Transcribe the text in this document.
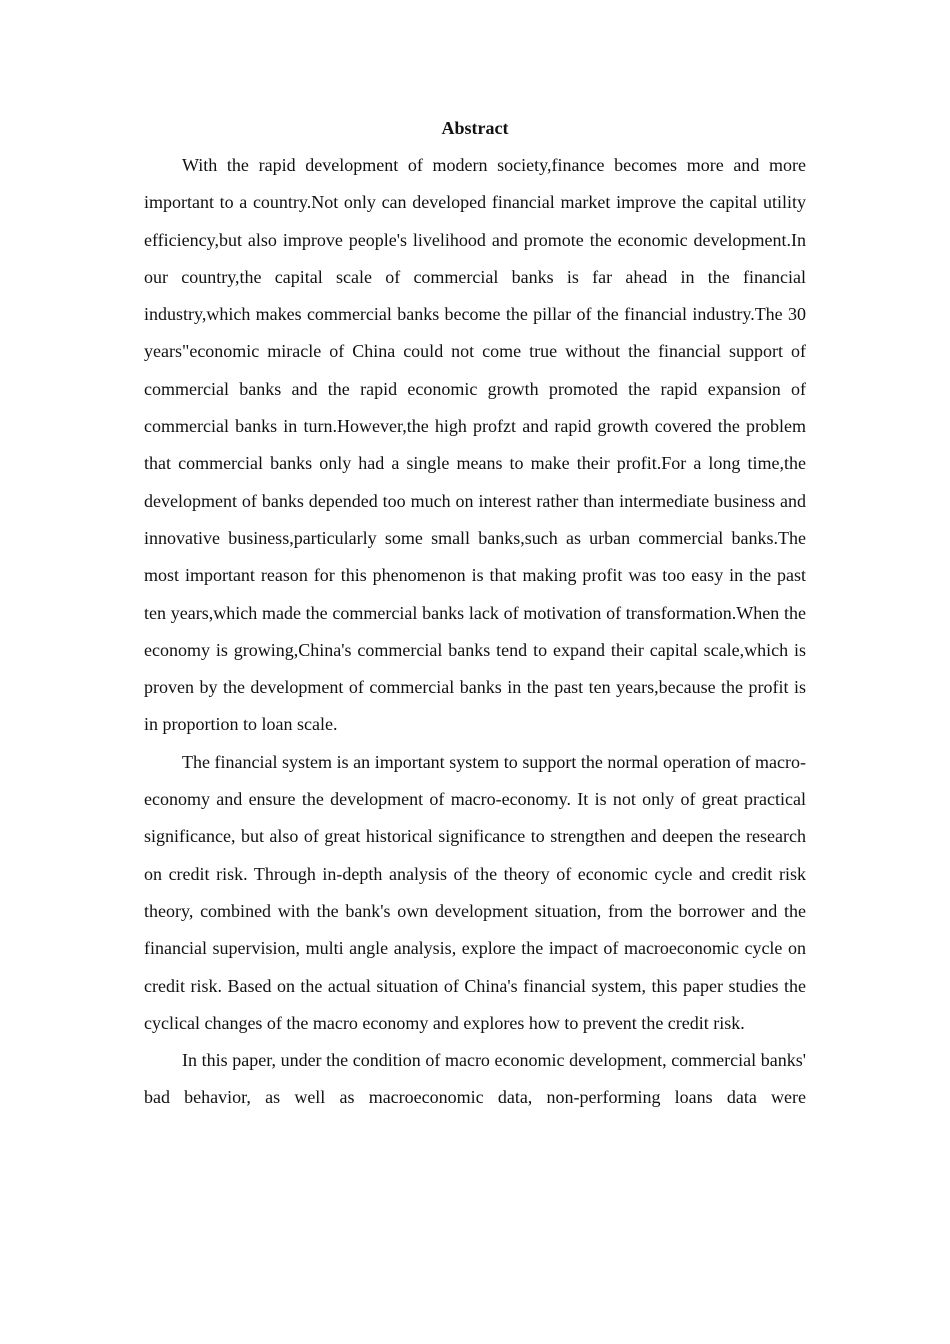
Abstract

With the rapid development of modern society,finance becomes more and more important to a country.Not only can developed financial market improve the capital utility efficiency,but also improve people's livelihood and promote the economic development.In our country,the capital scale of commercial banks is far ahead in the financial industry,which makes commercial banks become the pillar of the financial industry.The 30 years"economic miracle of China could not come true without the financial support of commercial banks and the rapid economic growth promoted the rapid expansion of commercial banks in turn.However,the high profzt and rapid growth covered the problem that commercial banks only had a single means to make their profit.For a long time,the development of banks depended too much on interest rather than intermediate business and innovative business,particularly some small banks,such as urban commercial banks.The most important reason for this phenomenon is that making profit was too easy in the past ten years,which made the commercial banks lack of motivation of transformation.When the economy is growing,China's commercial banks tend to expand their capital scale,which is proven by the development of commercial banks in the past ten years,because the profit is in proportion to loan scale.

The financial system is an important system to support the normal operation of macro-economy and ensure the development of macro-economy. It is not only of great practical significance, but also of great historical significance to strengthen and deepen the research on credit risk. Through in-depth analysis of the theory of economic cycle and credit risk theory, combined with the bank's own development situation, from the borrower and the financial supervision, multi angle analysis, explore the impact of macroeconomic cycle on credit risk. Based on the actual situation of China's financial system, this paper studies the cyclical changes of the macro economy and explores how to prevent the credit risk.

In this paper, under the condition of macro economic development, commercial banks' bad behavior, as well as macroeconomic data, non-performing loans data were
